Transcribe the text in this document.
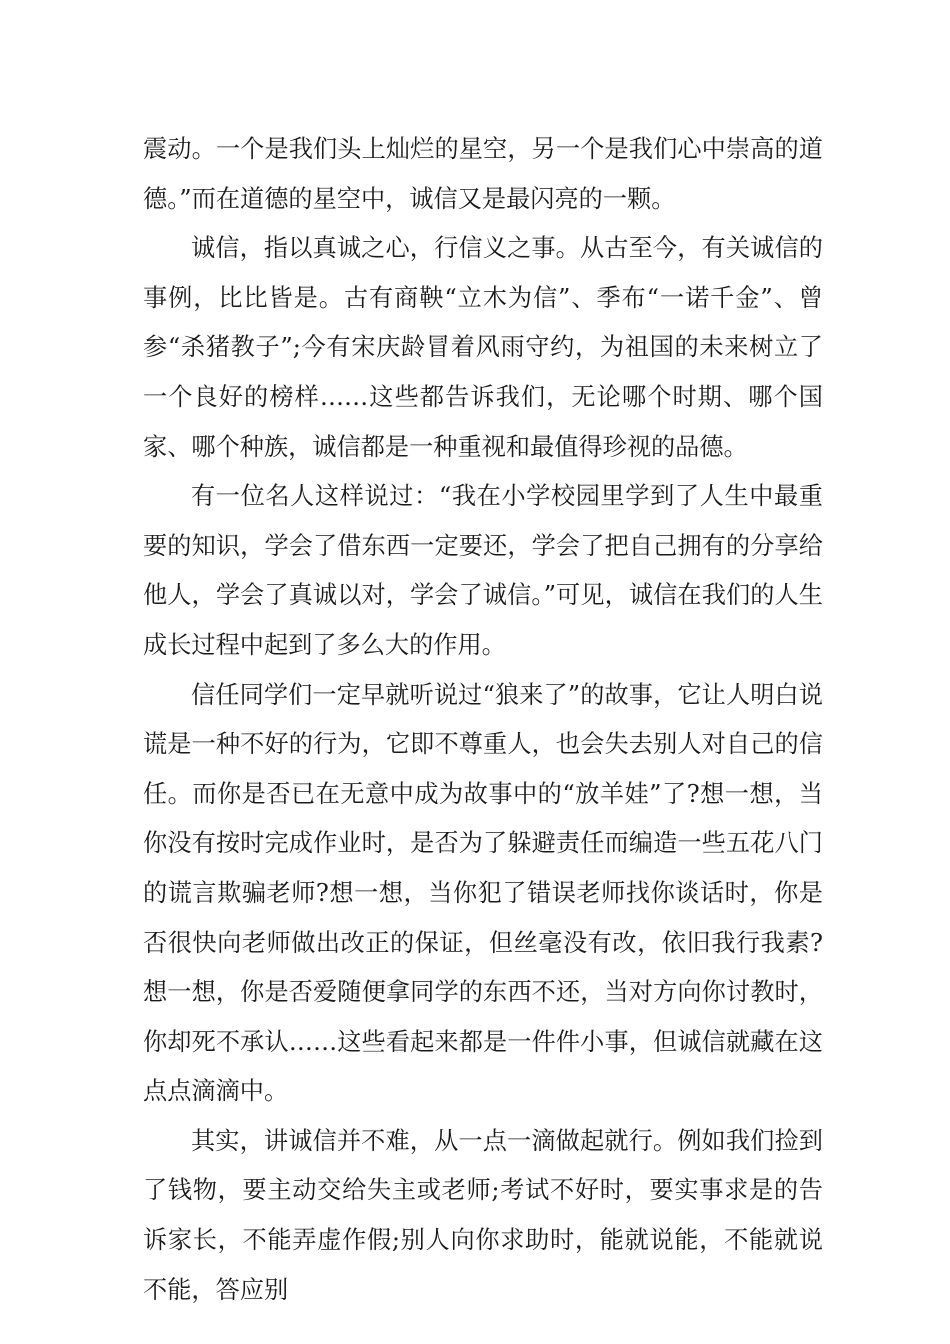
震动。一个是我们头上灿烂的星空，另一个是我们心中崇高的道德。”而在道德的星空中，诚信又是最闪亮的一颗。

诚信，指以真诚之心，行信义之事。从古至今，有关诚信的事例，比比皆是。古有商鞅“立木为信”、季布“一诺千金”、曾参“杀猪教子”;今有宋庆龄冒着风雨守约，为祖国的未来树立了一个良好的榜样……这些都告诉我们，无论哪个时期、哪个国家、哪个种族，诚信都是一种重视和最值得珍视的品德。

有一位名人这样说过：“我在小学校园里学到了人生中最重要的知识，学会了借东西一定要还，学会了把自己拥有的分享给他人，学会了真诚以对，学会了诚信。”可见，诚信在我们的人生成长过程中起到了多么大的作用。

信任同学们一定早就听说过“狼来了”的故事，它让人明白说谎是一种不好的行为，它即不尊重人，也会失去别人对自己的信任。而你是否已在无意中成为故事中的“放羊娃”了?想一想，当你没有按时完成作业时，是否为了躲避责任而编造一些五花八门的谎言欺骗老师?想一想，当你犯了错误老师找你谈话时，你是否很快向老师做出改正的保证，但丝毫没有改，依旧我行我素?想一想，你是否爱随便拿同学的东西不还，当对方向你讨教时，你却死不承认……这些看起来都是一件件小事，但诚信就藏在这点点滴滴中。

其实，讲诚信并不难，从一点一滴做起就行。例如我们捡到了钱物，要主动交给失主或老师;考试不好时，要实事求是的告诉家长，不能弄虚作假;别人向你求助时，能就说能，不能就说不能，答应别
